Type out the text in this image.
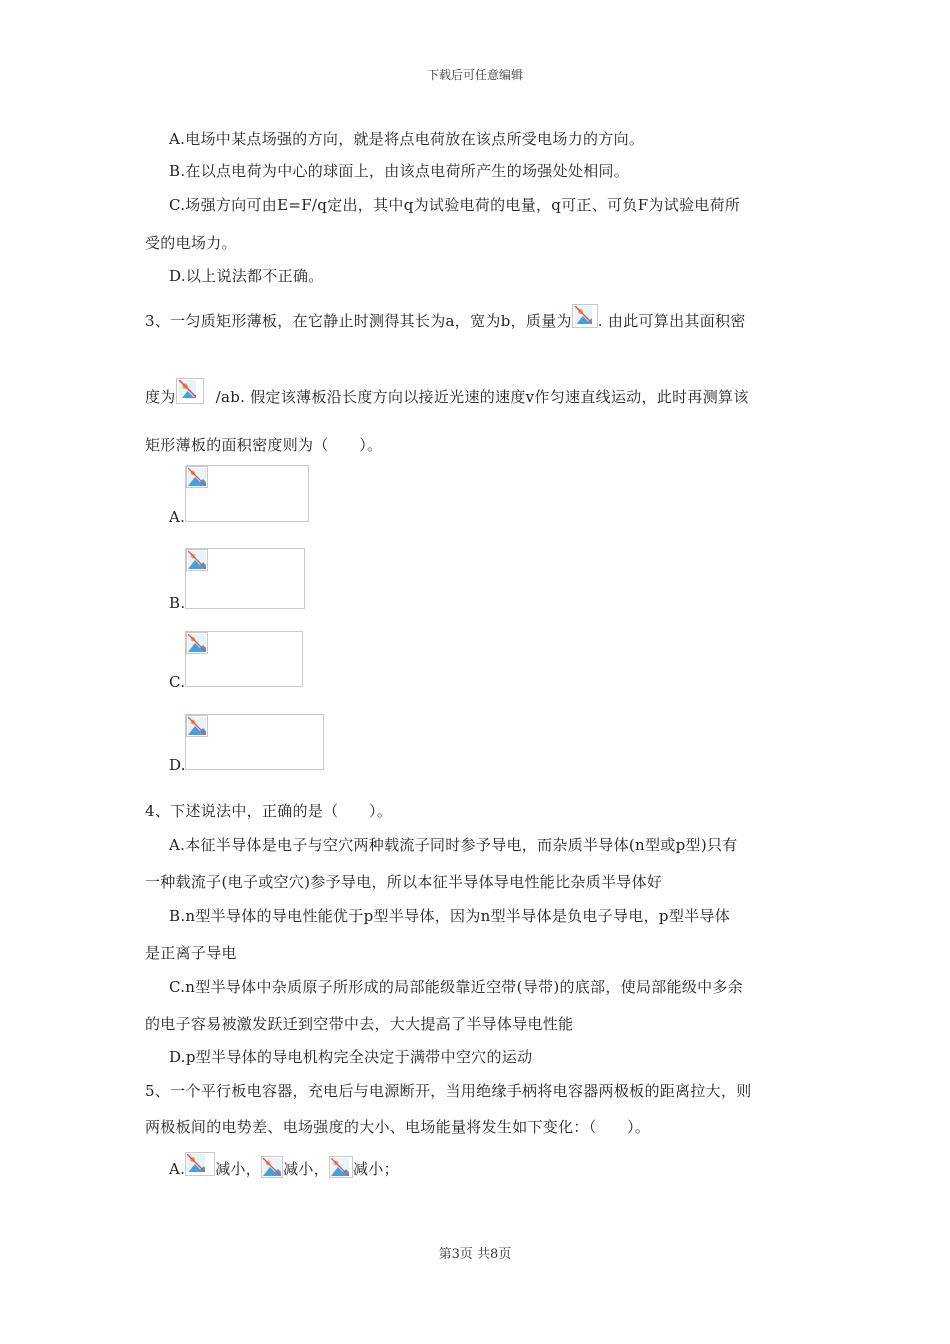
下载后可任意编辑
A.电场中某点场强的方向，就是将点电荷放在该点所受电场力的方向。
B.在以点电荷为中心的球面上，由该点电荷所产生的场强处处相同。
C.场强方向可由E=F/q定出，其中q为试验电荷的电量，q可正、可负F为试验电荷所
受的电场力。
D.以上说法都不正确。
3、一匀质矩形薄板，在它静止时测得其长为a，宽为b，质量为 . 由此可算出其面积密
度为	/ab. 假定该薄板沿长度方向以接近光速的速度v作匀速直线运动，此时再测算该
矩形薄板的面积密度则为（　　）。
A.
B.
C.
D.
4、下述说法中，正确的是（　　）。
A.本征半导体是电子与空穴两种载流子同时参予导电，而杂质半导体(n型或p型)只有
一种载流子(电子或空穴)参予导电，所以本征半导体导电性能比杂质半导体好
B.n型半导体的导电性能优于p型半导体，因为n型半导体是负电子导电，p型半导体
是正离子导电
C.n型半导体中杂质原子所形成的局部能级靠近空带(导带)的底部，使局部能级中多余
的电子容易被激发跃迁到空带中去，大大提高了半导体导电性能
D.p型半导体的导电机构完全决定于满带中空穴的运动
5、一个平行板电容器，充电后与电源断开，当用绝缘手柄将电容器两极板的距离拉大，则
两极板间的电势差、电场强度的大小、电场能量将发生如下变化：（　　）。
A. 减小， 减小， 减小；
第3页 共8页
